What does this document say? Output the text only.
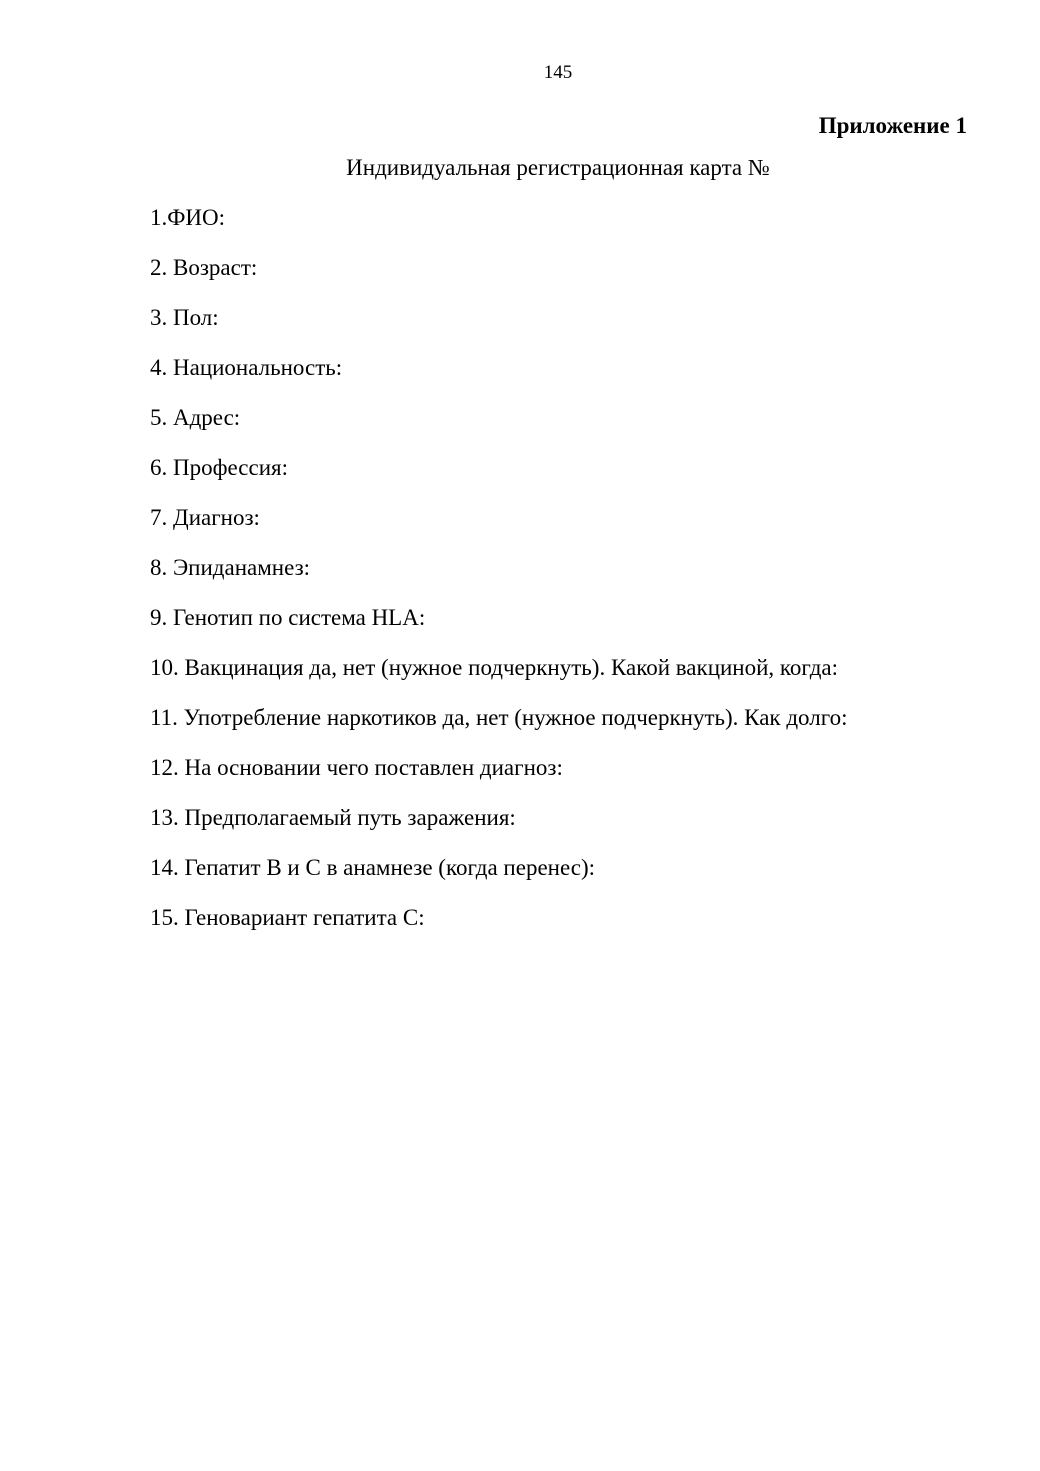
145
Приложение 1
Индивидуальная регистрационная карта №
1.ФИО:
2. Возраст:
3. Пол:
4. Национальность:
5. Адрес:
6. Профессия:
7. Диагноз:
8. Эпиданамнез:
9. Генотип по система HLA:
10. Вакцинация да, нет (нужное подчеркнуть). Какой вакциной, когда:
11. Употребление наркотиков да, нет (нужное подчеркнуть). Как долго:
12. На основании чего поставлен диагноз:
13. Предполагаемый путь заражения:
14. Гепатит В и С в анамнезе (когда перенес):
15. Геновариант гепатита С:
